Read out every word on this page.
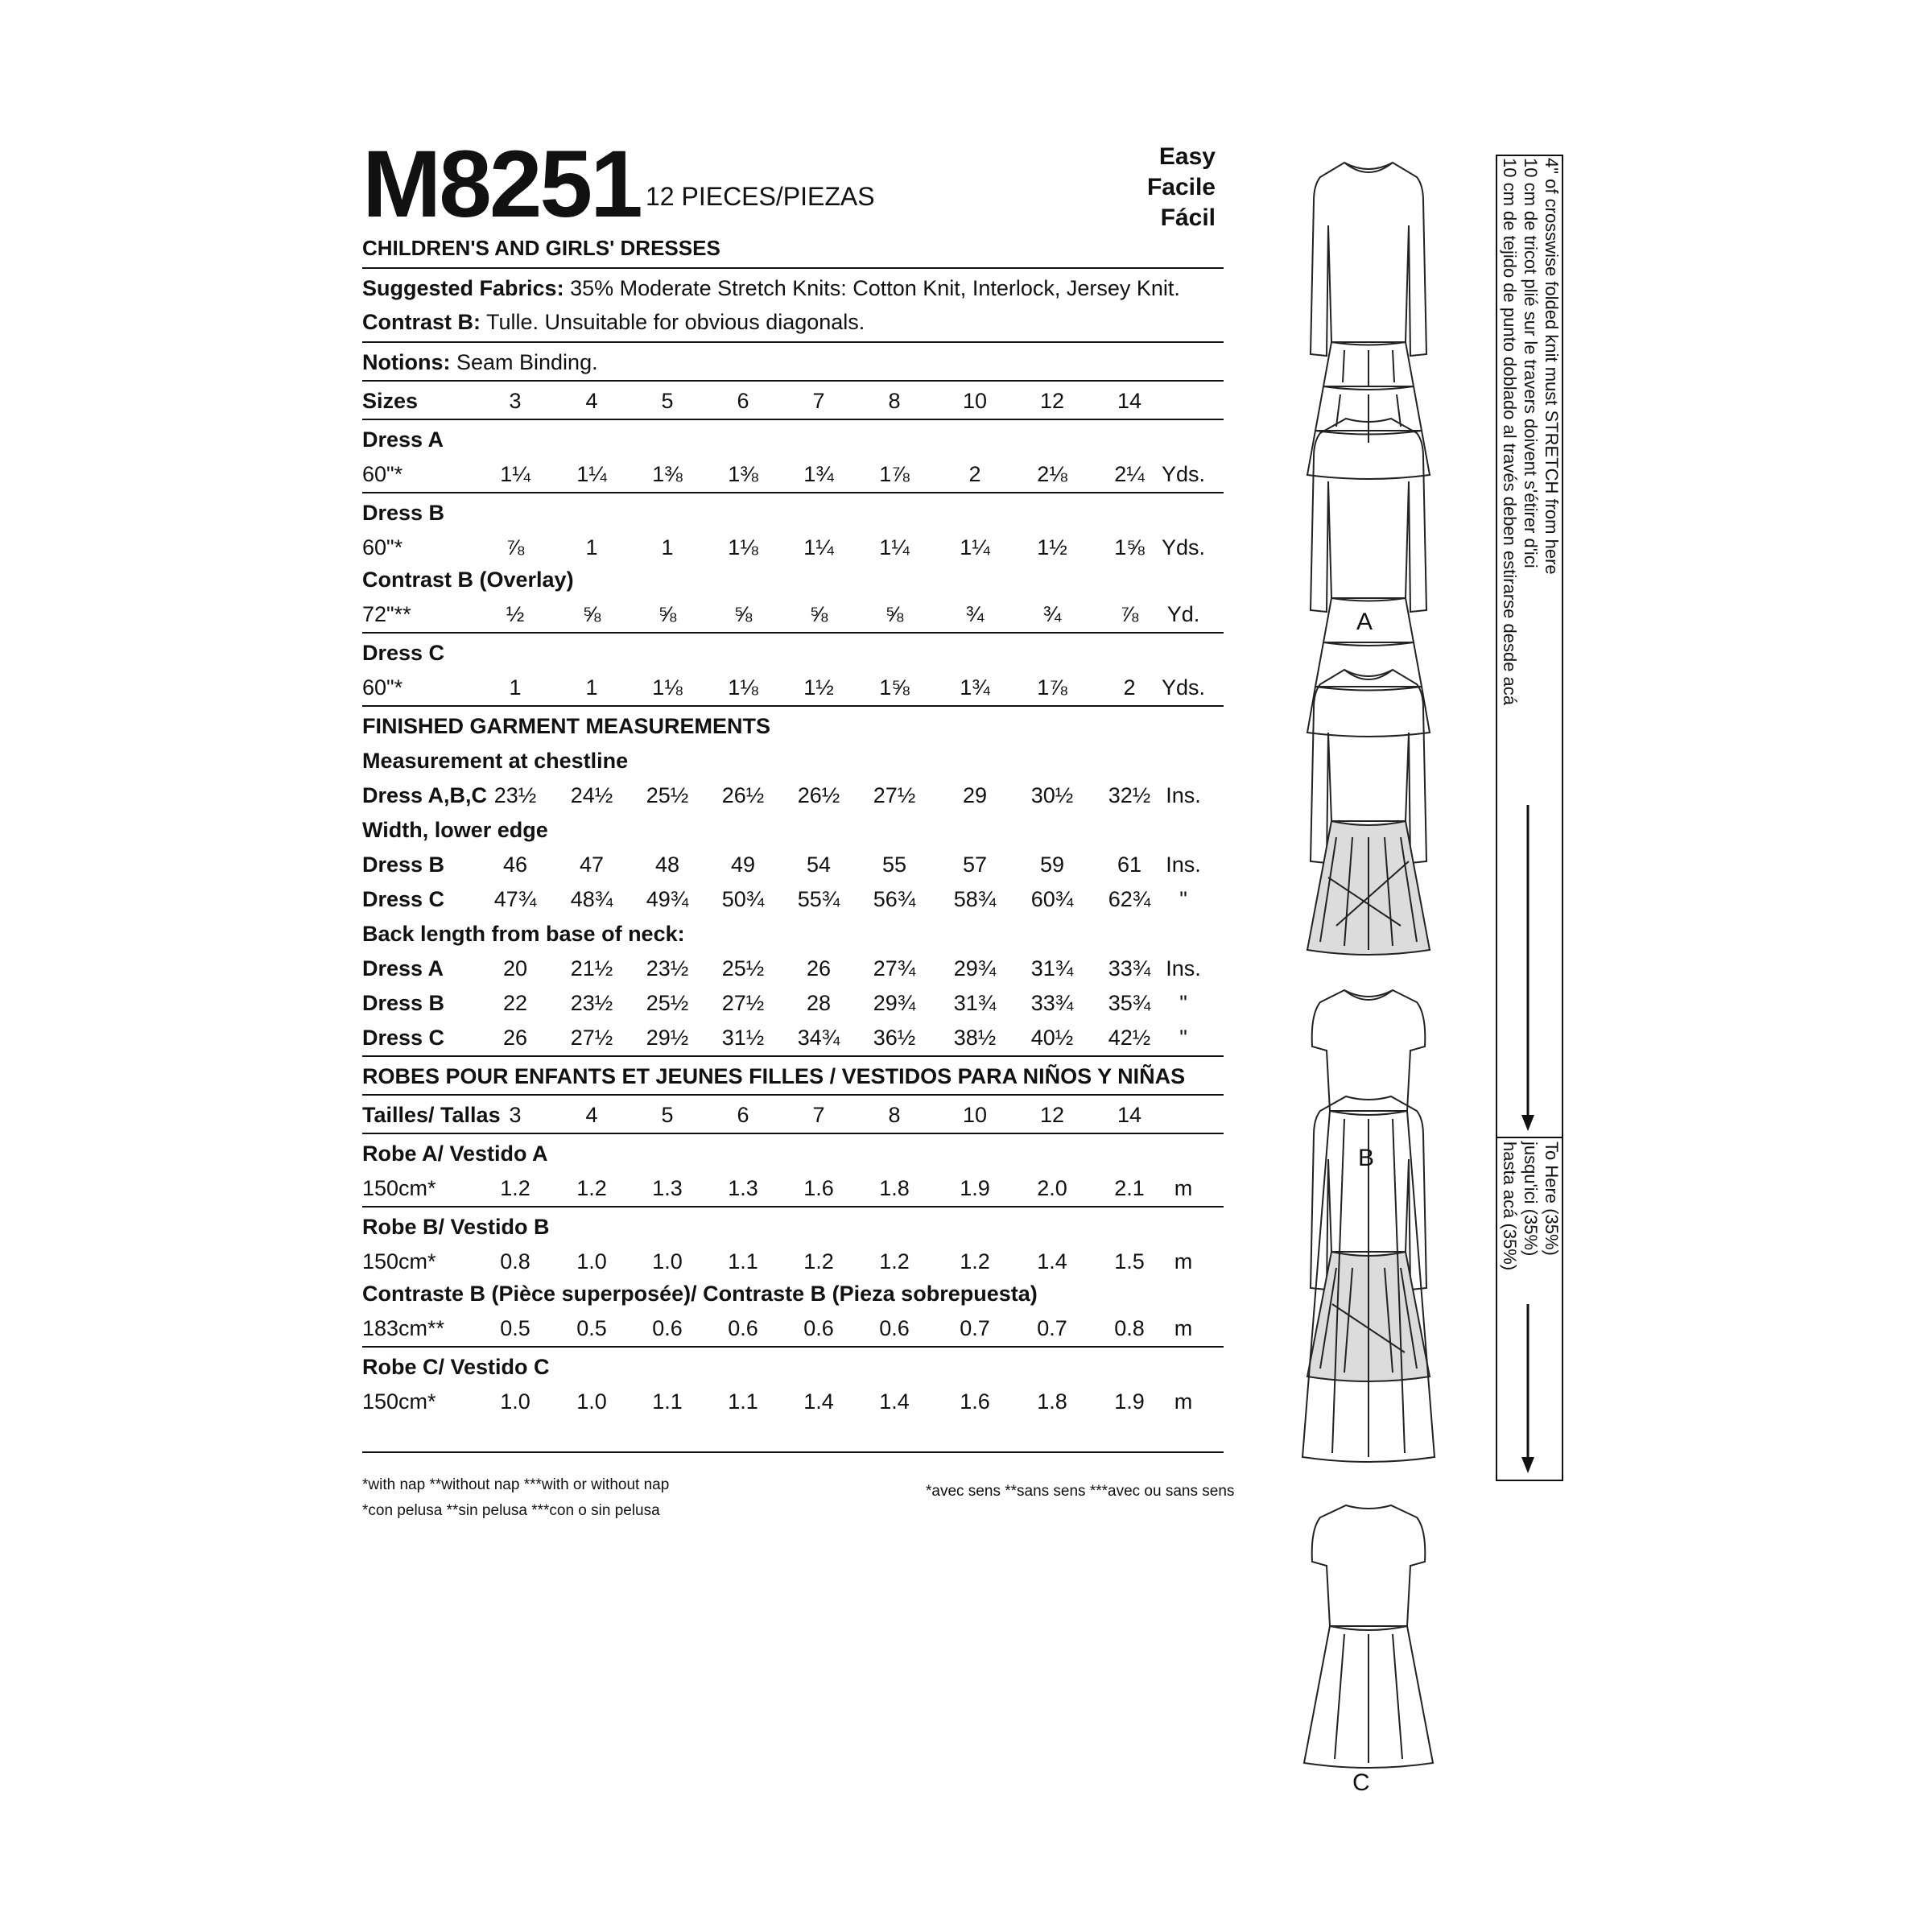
M8251 12 PIECES/PIEZAS
Easy
Facile
Fácil
CHILDREN'S AND GIRLS' DRESSES
Suggested Fabrics: 35% Moderate Stretch Knits: Cotton Knit, Interlock, Jersey Knit.
Contrast B: Tulle. Unsuitable for obvious diagonals.
Notions: Seam Binding.
Sizes	3	4	5	6	7	8	10	12	14
Dress A
60"*	1¼	1¼	1⅜	1⅜	1¾	1⅞	2	2⅛	2¼ Yds.
Dress B
60"*	⅞	1	1	1⅛	1¼	1¼	1¼	1½	1⅝ Yds.
Contrast B (Overlay)
72"**	½	⅝	⅝	⅝	⅝	⅝	¾	¾	⅞	Yd.
Dress C
60"*	1	1	1⅛	1⅛	1½	1⅝	1¾	1⅞	2	Yds.
FINISHED GARMENT MEASUREMENTS
Measurement at chestline
Dress A,B,C 23½	24½	25½	26½	26½	27½	29	30½	32½ Ins.
Width, lower edge
Dress B	46	47	48	49	54	55	57	59	61	Ins.
Dress C	47¾	48¾	49¾	50¾	55¾	56¾	58¾	60¾	62¾	"
Back length from base of neck:
Dress A	20	21½	23½	25½	26	27¾	29¾	31¾	33¾ Ins.
Dress B	22	23½	25½	27½	28	29¾	31¾	33¾	35¾	"
Dress C	26	27½	29½	31½	34¾	36½	38½	40½	42½	"
ROBES POUR ENFANTS ET JEUNES FILLES / VESTIDOS PARA NIÑOS Y NIÑAS
Tailles/ Tallas 3	4	5	6	7	8	10	12	14
Robe A/ Vestido A
150cm*	1.2	1.2	1.3	1.3	1.6	1.8	1.9	2.0	2.1	m
Robe B/ Vestido B
150cm*	0.8	1.0	1.0	1.1	1.2	1.2	1.2	1.4	1.5	m
Contraste B (Pièce superposée)/ Contraste B (Pieza sobrepuesta)
183cm**	0.5	0.5	0.6	0.6	0.6	0.6	0.7	0.7	0.8	m
Robe C/ Vestido C
150cm*	1.0	1.0	1.1	1.1	1.4	1.4	1.6	1.8	1.9	m
*with nap **without nap ***with or without nap
*con pelusa **sin pelusa ***con o sin pelusa
*avec sens **sans sens ***avec ou sans sens
A
B
C
4" of crosswise folded knit must STRETCH from here
10 cm de tricot plié sur le travers doivent s'étirer d'ici
10 cm de tejido de punto doblado al través deben estirarse desde acá
To Here (35%)
jusqu'ici (35%)
hasta acá (35%)
